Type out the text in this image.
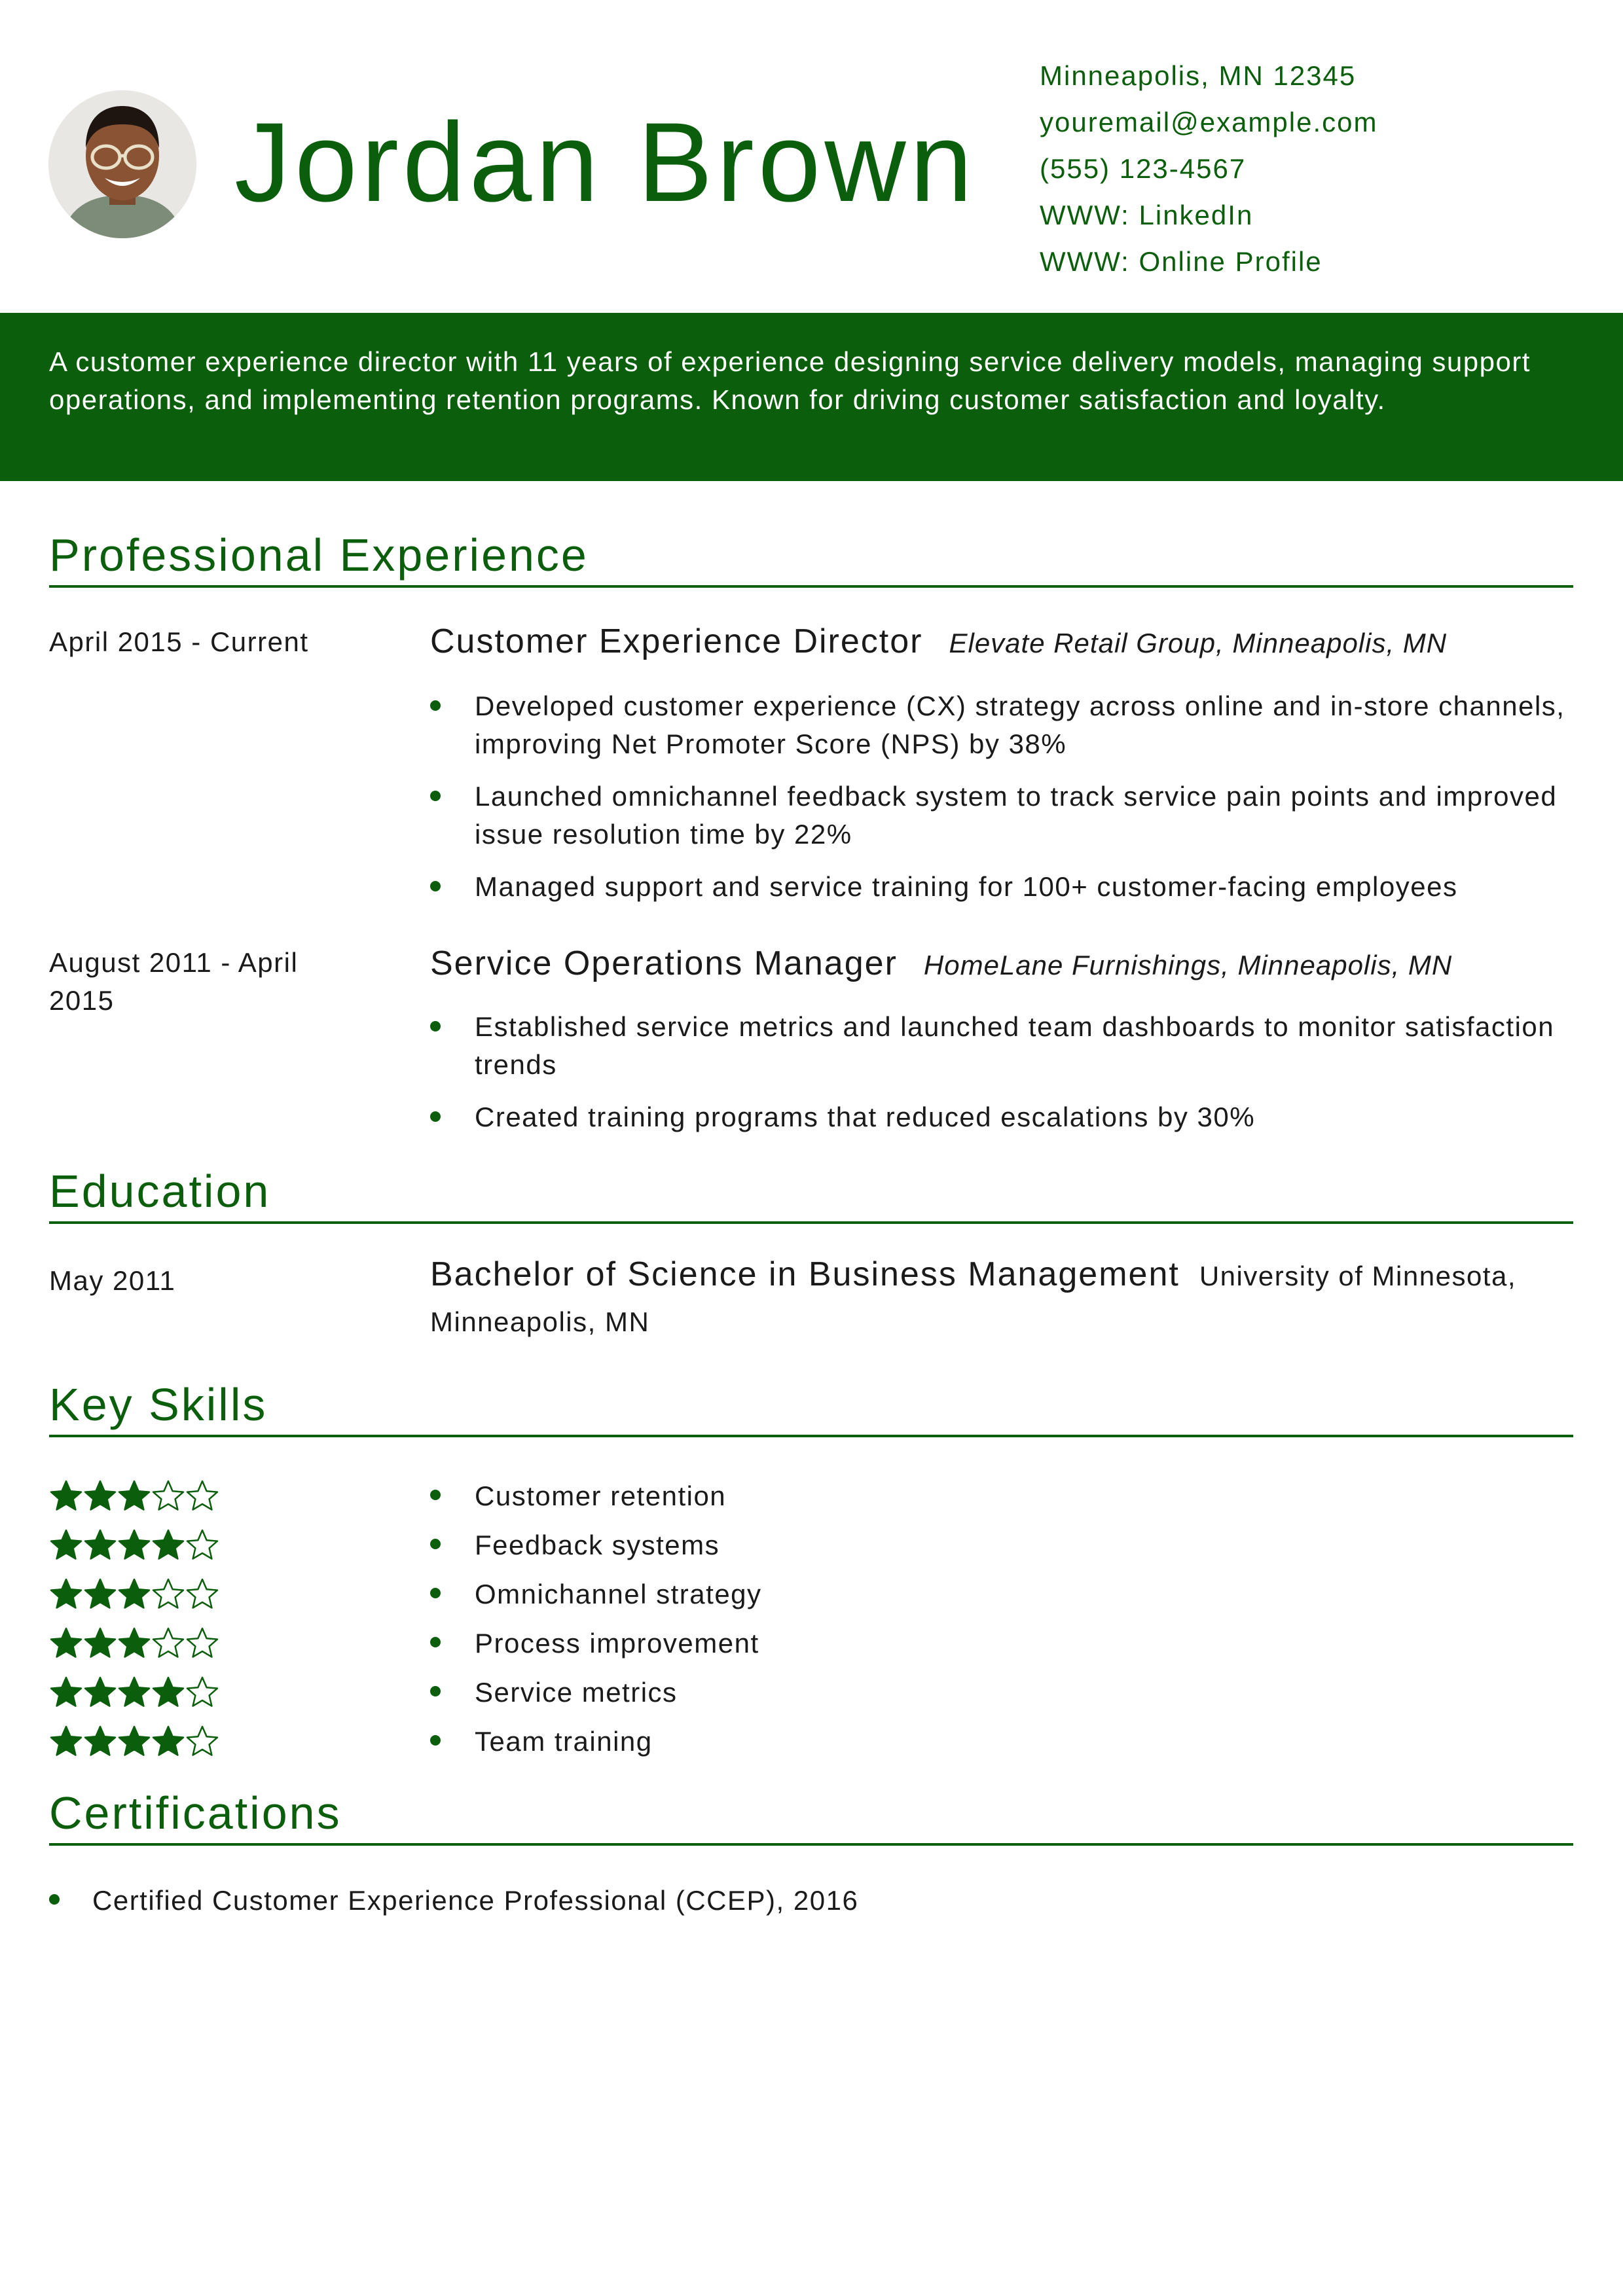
Jordan Brown
Minneapolis, MN 12345
youremail@example.com
(555) 123-4567
WWW: LinkedIn
WWW: Online Profile
A customer experience director with 11 years of experience designing service delivery models, managing support operations, and implementing retention programs. Known for driving customer satisfaction and loyalty.
Professional Experience
April 2015 - Current	Customer Experience Director Elevate Retail Group, Minneapolis, MN
Developed customer experience (CX) strategy across online and in-store channels, improving Net Promoter Score (NPS) by 38%
Launched omnichannel feedback system to track service pain points and improved issue resolution time by 22%
Managed support and service training for 100+ customer-facing employees
August 2011 - April 2015
Service Operations Manager HomeLane Furnishings, Minneapolis, MN
Established service metrics and launched team dashboards to monitor satisfaction trends
Created training programs that reduced escalations by 30%
Education
May 2011	Bachelor of Science in Business Management University of Minnesota, Minneapolis, MN
Key Skills
Customer retention
Feedback systems
Omnichannel strategy
Process improvement
Service metrics
Team training
Certifications
Certified Customer Experience Professional (CCEP), 2016
